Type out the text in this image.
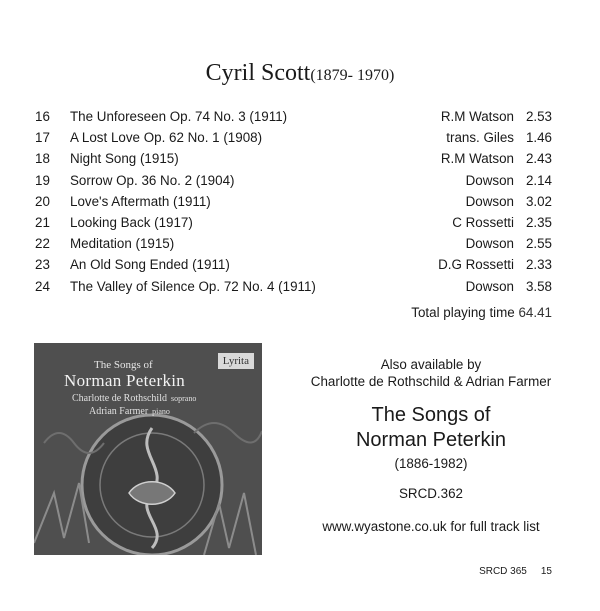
Cyril Scott(1879- 1970)
16 The Unforeseen Op. 74 No. 3 (1911)	R.M Watson 2.53
17 A Lost Love Op. 62 No. 1 (1908)	trans. Giles 1.46
18 Night Song (1915)	R.M Watson 2.43
19 Sorrow Op. 36 No. 2 (1904)	Dowson 2.14
20 Love's Aftermath (1911)	Dowson 3.02
21 Looking Back (1917)	C Rossetti 2.35
22 Meditation (1915)	Dowson 2.55
23 An Old Song Ended (1911)	D.G Rossetti 2.33
24 The Valley of Silence Op. 72 No. 4 (1911)	Dowson 3.58
Total playing time 64.41
The Songs of
Norman Peterkin
Charlotte de Rothschild soprano
Adrian Farmer piano
Lyrita	Also available by
Charlotte de Rothschild & Adrian Farmer
The Songs of
Norman Peterkin
(1886-1982)
SRCD.362
www.wyastone.co.uk for full track list
SRCD 365 15
